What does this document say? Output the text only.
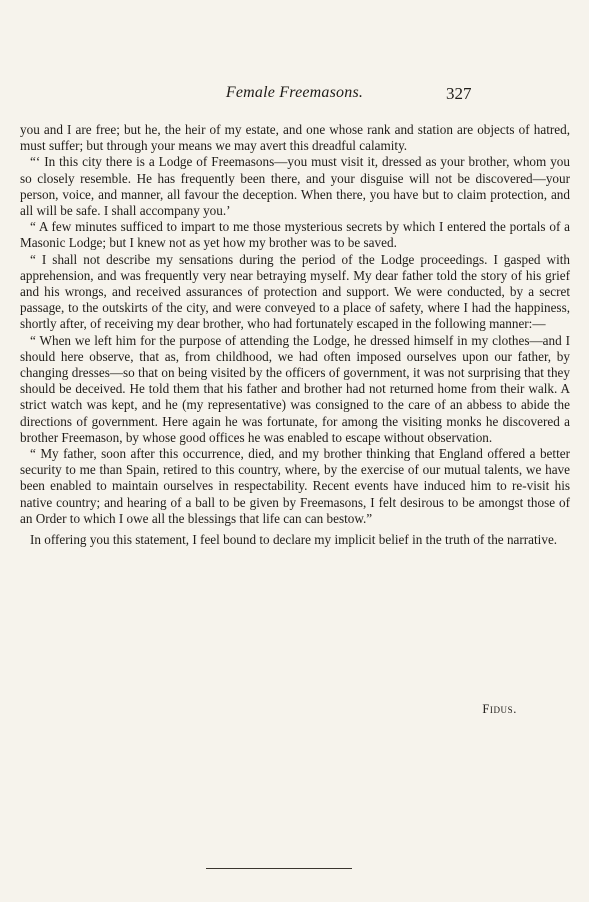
Female Freemasons.	327

you and I are free; but he, the heir of my estate, and one whose rank and station are objects of hatred, must suffer; but through your means we may avert this dreadful calamity.

“‘ In this city there is a Lodge of Freemasons—you must visit it, dressed as your brother, whom you so closely resemble. He has frequently been there, and your disguise will not be discovered—your person, voice, and manner, all favour the deception. When there, you have but to claim protection, and all will be safe. I shall accompany you.’

“ A few minutes sufficed to impart to me those mysterious secrets by which I entered the portals of a Masonic Lodge; but I knew not as yet how my brother was to be saved.

“ I shall not describe my sensations during the period of the Lodge proceedings. I gasped with apprehension, and was frequently very near betraying myself. My dear father told the story of his grief and his wrongs, and received assurances of protection and support. We were conducted, by a secret passage, to the outskirts of the city, and were conveyed to a place of safety, where I had the happiness, shortly after, of receiving my dear brother, who had fortunately escaped in the following manner:—

“ When we left him for the purpose of attending the Lodge, he dressed himself in my clothes—and I should here observe, that as, from childhood, we had often imposed ourselves upon our father, by changing dresses—so that on being visited by the officers of government, it was not surprising that they should be deceived. He told them that his father and brother had not returned home from their walk. A strict watch was kept, and he (my representative) was consigned to the care of an abbess to abide the directions of government. Here again he was fortunate, for among the visiting monks he discovered a brother Freemason, by whose good offices he was enabled to escape without observation.

“ My father, soon after this occurrence, died, and my brother thinking that England offered a better security to me than Spain, retired to this country, where, by the exercise of our mutual talents, we have been enabled to maintain ourselves in respectability. Recent events have induced him to re-visit his native country; and hearing of a ball to be given by Freemasons, I felt desirous to be amongst those of an Order to which I owe all the blessings that life can can bestow.”

In offering you this statement, I feel bound to declare my implicit belief in the truth of the narrative.

Fidus.
